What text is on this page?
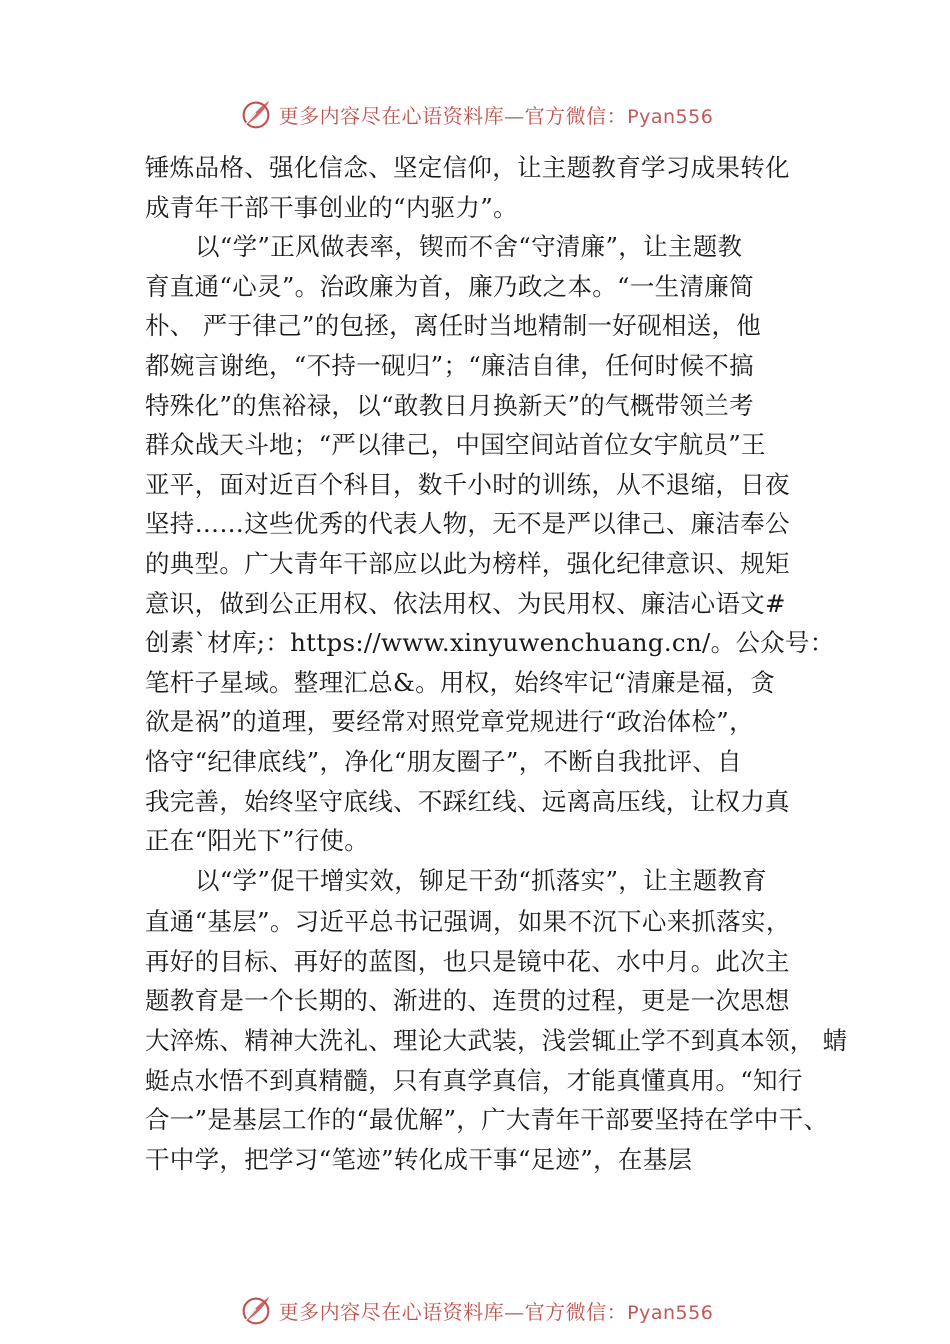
更多内容尽在心语资料库—官方微信：Pyan556
锤炼品格、强化信念、坚定信仰，让主题教育学习成果转化
成青年干部干事创业的“内驱力”。
以“学”正风做表率，锲而不舍“守清廉”，让主题教
育直通“心灵”。治政廉为首，廉乃政之本。“一生清廉简
朴、 严于律己”的包拯，离任时当地精制一好砚相送，他
都婉言谢绝，“不持一砚归”；“廉洁自律，任何时候不搞
特殊化”的焦裕禄，以“敢教日月换新天”的气概带领兰考
群众战天斗地；“严以律己，中国空间站首位女宇航员”王
亚平，面对近百个科目，数千小时的训练，从不退缩，日夜
坚持……这些优秀的代表人物，无不是严以律己、廉洁奉公
的典型。广大青年干部应以此为榜样，强化纪律意识、规矩
意识，做到公正用权、依法用权、为民用权、廉洁心语文#
创素`材库;：https://www.xinyuwenchuang.cn/。公众号：
笔杆子星域。整理汇总&。用权，始终牢记“清廉是福，贪
欲是祸”的道理，要经常对照党章党规进行“政治体检”，
恪守“纪律底线”，净化“朋友圈子”，不断自我批评、自
我完善，始终坚守底线、不踩红线、远离高压线，让权力真
正在“阳光下”行使。
以“学”促干增实效，铆足干劲“抓落实”，让主题教育
直通“基层”。习近平总书记强调，如果不沉下心来抓落实，
再好的目标、再好的蓝图，也只是镜中花、水中月。此次主
题教育是一个长期的、渐进的、连贯的过程，更是一次思想
大淬炼、精神大洗礼、理论大武装，浅尝辄止学不到真本领， 蜻
蜓点水悟不到真精髓，只有真学真信，才能真懂真用。“知行
合一”是基层工作的“最优解”，广大青年干部要坚持在学中干、
干中学，把学习“笔迹”转化成干事“足迹”，在基层
更多内容尽在心语资料库—官方微信：Pyan556
